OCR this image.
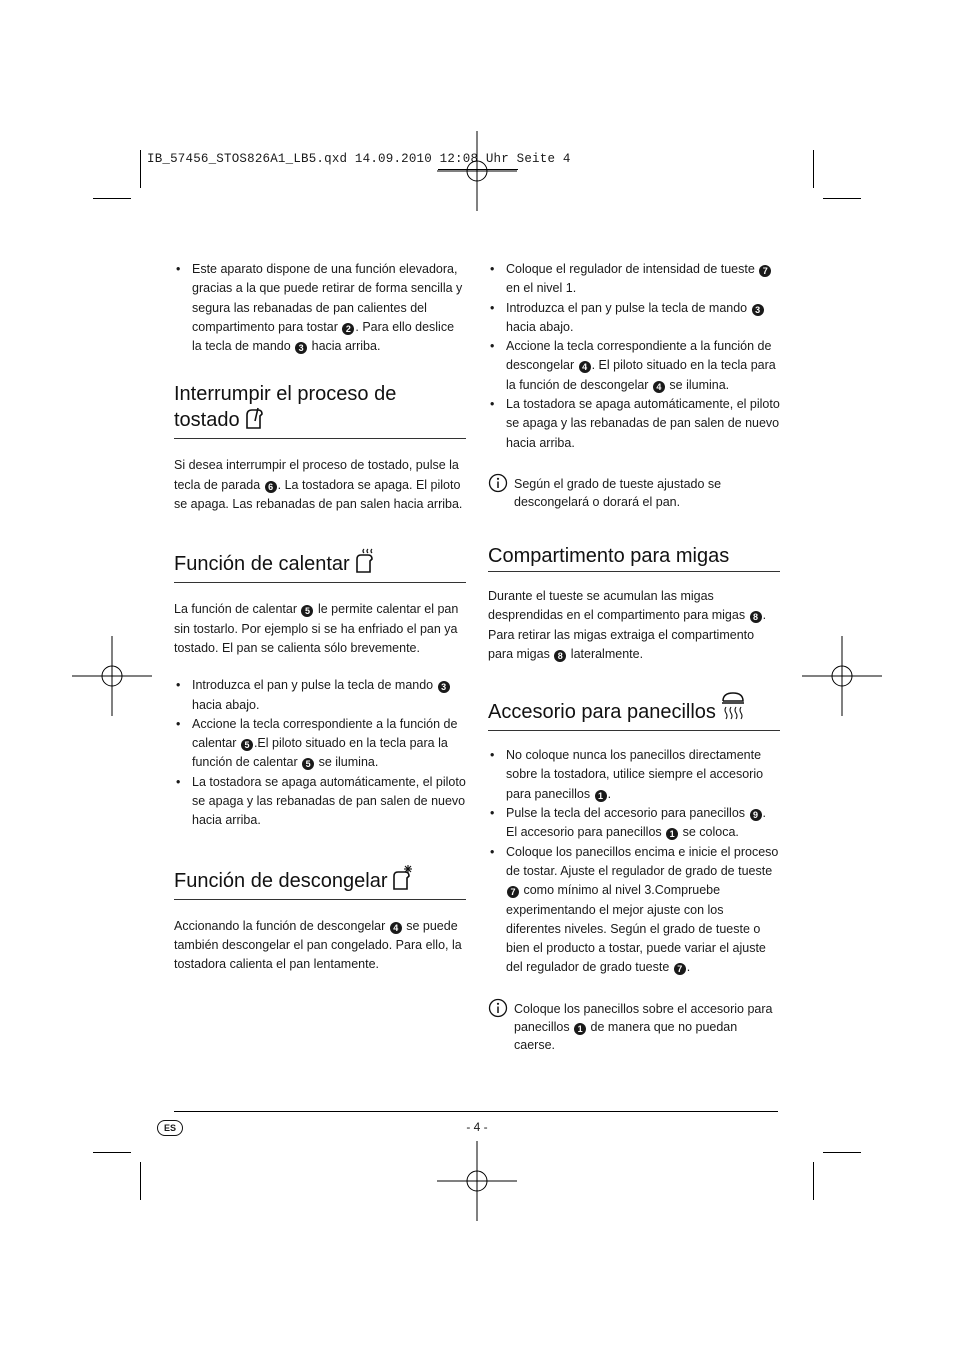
IB_57456_STOS826A1_LB5.qxd 14.09.2010 12:08 Uhr Seite 4
• Este aparato dispone de una función elevadora, gracias a la que puede retirar de forma sencilla y segura las rebanadas de pan calientes del compartimento para tostar 2 . Para ello deslice la tecla de mando 3 hacia arriba.
Interrumpir el proceso de
tostado

Si desea interrumpir el proceso de tostado, pulse la tecla de parada 6 . La tostadora se apaga. El piloto se apaga. Las rebanadas de pan salen hacia arriba.

Función de calentar

La función de calentar 5 le permite calentar el pan sin tostarlo. Por ejemplo si se ha enfriado el pan ya tostado. El pan se calienta sólo brevemente.

• Introduzca el pan y pulse la tecla de mando 3 hacia abajo.
• Accione la tecla correspondiente a la función de calentar 5 .El piloto situado en la tecla para la función de calentar 5 se ilumina.
• La tostadora se apaga automáticamente, el piloto se apaga y las rebanadas de pan salen de nuevo hacia arriba.
Función de descongelar

Accionando la función de descongelar 4 se puede también descongelar el pan congelado. Para ello, la tostadora calienta el pan lentamente.

• Coloque el regulador de intensidad de tueste 7 en el nivel 1.
• Introduzca el pan y pulse la tecla de mando 3 hacia abajo.
• Accione la tecla correspondiente a la función de descongelar 4 . El piloto situado en la tecla para la función de descongelar 4 se ilumina.
• La tostadora se apaga automáticamente, el piloto se apaga y las rebanadas de pan salen de nuevo hacia arriba.
Según el grado de tueste ajustado se descongelará o dorará el pan.
Compartimento para migas

Durante el tueste se acumulan las migas desprendidas en el compartimento para migas 8 . Para retirar las migas extraiga el compartimento para migas 8 lateralmente.

Accesorio para panecillos
• No coloque nunca los panecillos directamente sobre la tostadora, utilice siempre el accesorio para panecillos 1 .
• Pulse la tecla del accesorio para panecillos 9 . El accesorio para panecillos 1 se coloca.
• Coloque los panecillos encima e inicie el proceso de tostar. Ajuste el regulador de grado de tueste 7 como mínimo al nivel 3.Compruebe experimentando el mejor ajuste con los diferentes niveles. Según el grado de tueste o bien el producto a tostar, puede variar el ajuste del regulador de grado tueste 7 .
Coloque los panecillos sobre el accesorio para panecillos 1 de manera que no puedan caerse.
ES	- 4 -
